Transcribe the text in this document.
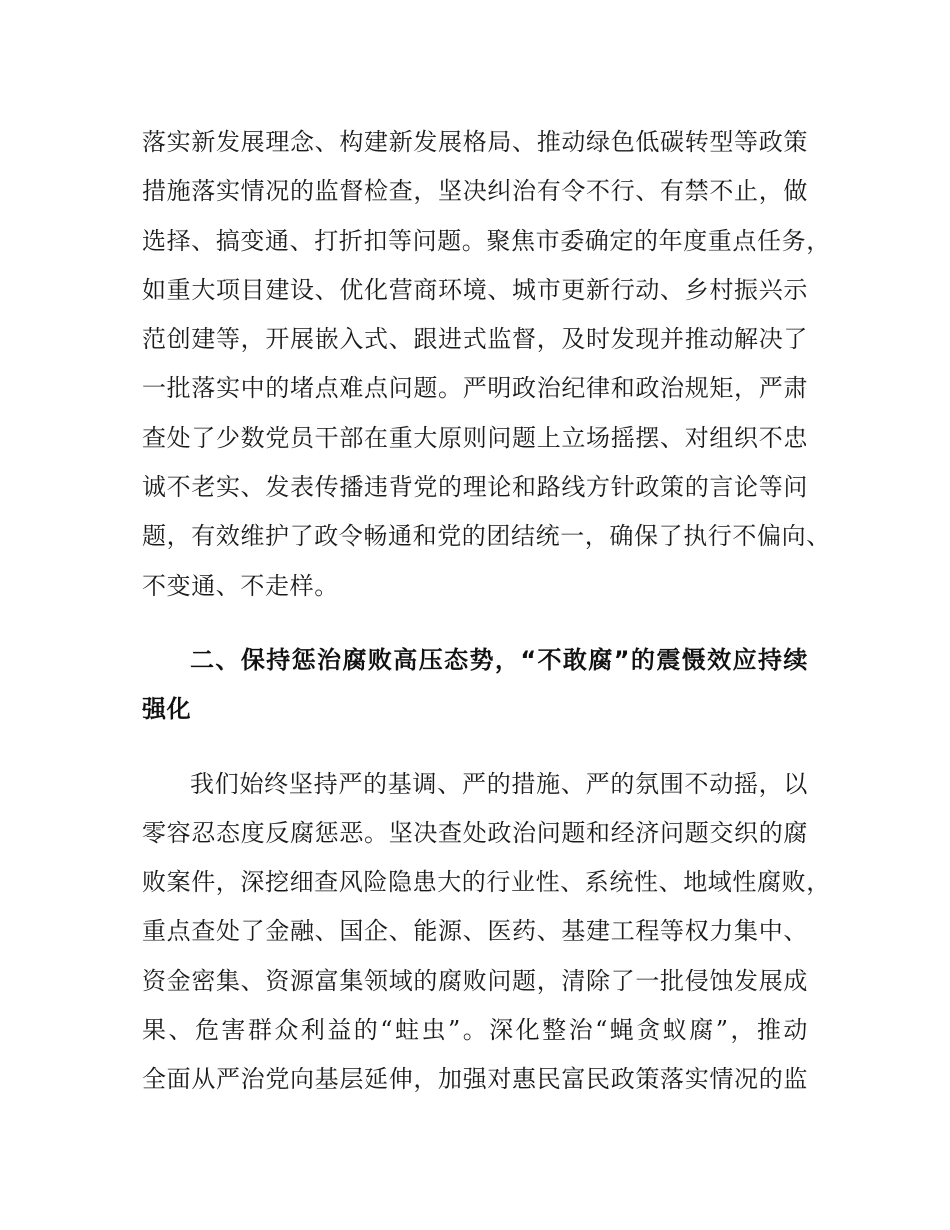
落实新发展理念、构建新发展格局、推动绿色低碳转型等政策
措施落实情况的监督检查，坚决纠治有令不行、有禁不止，做
选择、搞变通、打折扣等问题。聚焦市委确定的年度重点任务，
如重大项目建设、优化营商环境、城市更新行动、乡村振兴示
范创建等，开展嵌入式、跟进式监督，及时发现并推动解决了
一批落实中的堵点难点问题。严明政治纪律和政治规矩，严肃
查处了少数党员干部在重大原则问题上立场摇摆、对组织不忠
诚不老实、发表传播违背党的理论和路线方针政策的言论等问
题，有效维护了政令畅通和党的团结统一，确保了执行不偏向、
不变通、不走样。
二、保持惩治腐败高压态势，“不敢腐”的震慑效应持续
强化
我们始终坚持严的基调、严的措施、严的氛围不动摇，以
零容忍态度反腐惩恶。坚决查处政治问题和经济问题交织的腐
败案件，深挖细查风险隐患大的行业性、系统性、地域性腐败，
重点查处了金融、国企、能源、医药、基建工程等权力集中、
资金密集、资源富集领域的腐败问题，清除了一批侵蚀发展成
果、危害群众利益的“蛀虫”。深化整治“蝇贪蚁腐”，推动
全面从严治党向基层延伸，加强对惠民富民政策落实情况的监
